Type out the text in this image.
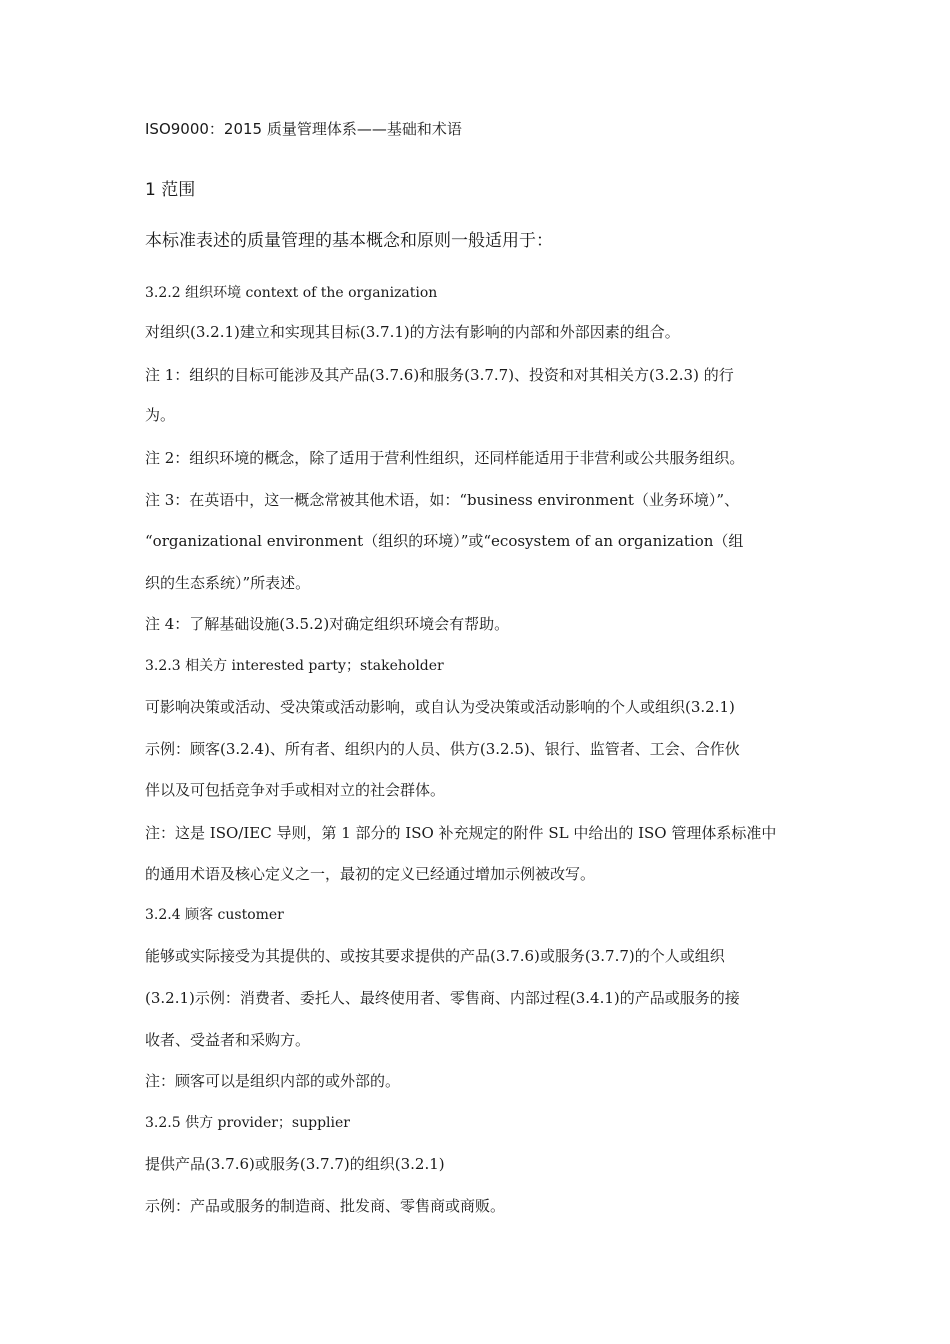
ISO9000：2015 质量管理体系——基础和术语
1 范围
本标准表述的质量管理的基本概念和原则一般适用于：
3.2.2 组织环境 context of the organization
对组织(3.2.1)建立和实现其目标(3.7.1)的方法有影响的内部和外部因素的组合。
注 1：组织的目标可能涉及其产品(3.7.6)和服务(3.7.7)、投资和对其相关方(3.2.3) 的行
为。
注 2：组织环境的概念，除了适用于营利性组织，还同样能适用于非营利或公共服务组织。
注 3：在英语中，这一概念常被其他术语，如：“business environment（业务环境）”、
“organizational environment（组织的环境）”或“ecosystem of an organization（组
织的生态系统）”所表述。
注 4：了解基础设施(3.5.2)对确定组织环境会有帮助。
3.2.3 相关方 interested party；stakeholder
可影响决策或活动、受决策或活动影响，或自认为受决策或活动影响的个人或组织(3.2.1)
示例：顾客(3.2.4)、所有者、组织内的人员、供方(3.2.5)、银行、监管者、工会、合作伙
伴以及可包括竞争对手或相对立的社会群体。
注：这是 ISO/IEC 导则，第 1 部分的 ISO 补充规定的附件 SL 中给出的 ISO 管理体系标准中
的通用术语及核心定义之一，最初的定义已经通过增加示例被改写。
3.2.4 顾客 customer
能够或实际接受为其提供的、或按其要求提供的产品(3.7.6)或服务(3.7.7)的个人或组织
(3.2.1)示例：消费者、委托人、最终使用者、零售商、内部过程(3.4.1)的产品或服务的接
收者、受益者和采购方。
注：顾客可以是组织内部的或外部的。
3.2.5 供方 provider；supplier
提供产品(3.7.6)或服务(3.7.7)的组织(3.2.1)
示例：产品或服务的制造商、批发商、零售商或商贩。
